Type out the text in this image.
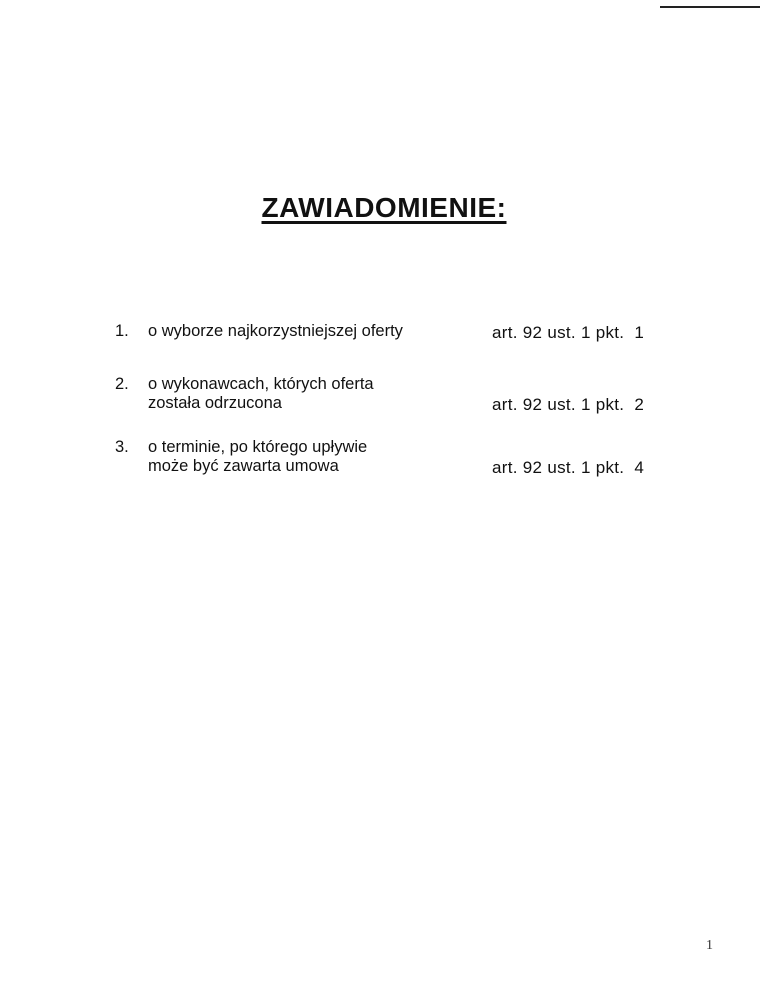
ZAWIADOMIENIE:
1. o wyborze najkorzystniejszej oferty	art. 92 ust. 1 pkt.  1
2. o wykonawcach, których oferta
została odrzucona	art. 92 ust. 1 pkt.  2
3. o terminie, po którego upływie
może być zawarta umowa	art. 92 ust. 1 pkt.  4
1
